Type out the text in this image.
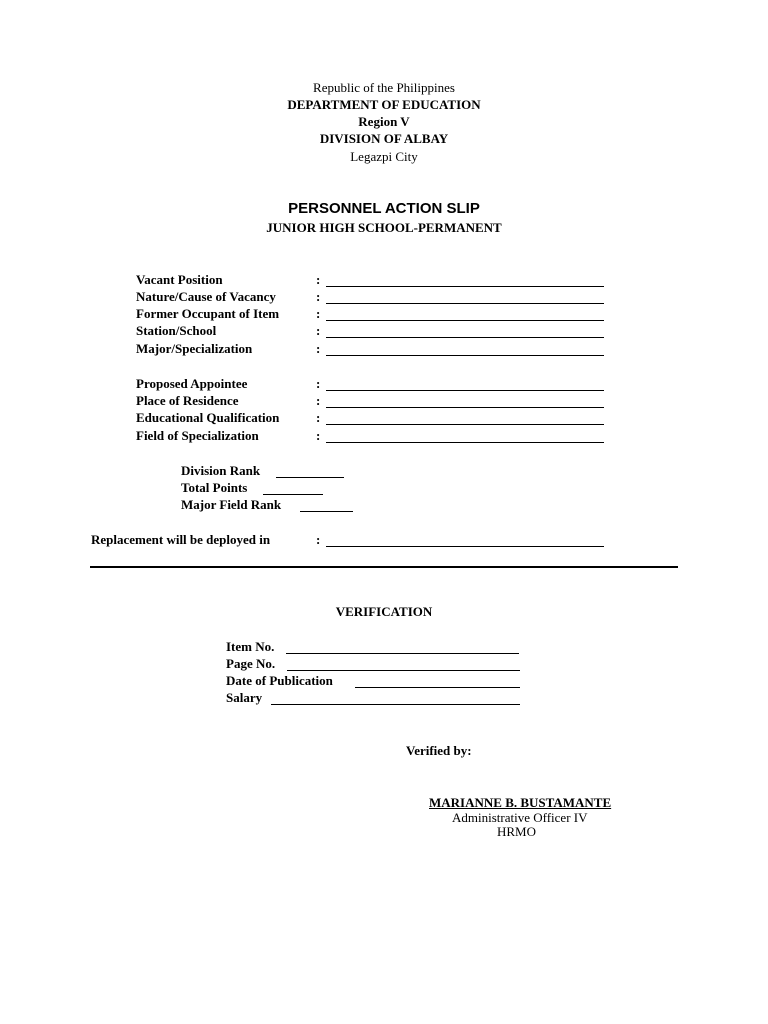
Republic of the Philippines
DEPARTMENT OF EDUCATION
Region V
DIVISION OF ALBAY
Legazpi City
PERSONNEL ACTION SLIP
JUNIOR HIGH SCHOOL-PERMANENT
Vacant Position	:
Nature/Cause of Vacancy	:
Former Occupant of Item	:
Station/School	:
Major/Specialization	:
Proposed Appointee	:
Place of Residence	:
Educational Qualification	:
Field of Specialization	:
Division Rank
Total Points
Major Field Rank
Replacement will be deployed in	:
VERIFICATION
Item No.
Page No.
Date of Publication
Salary
Verified by:
MARIANNE B. BUSTAMANTE
Administrative Officer IV
HRMO
